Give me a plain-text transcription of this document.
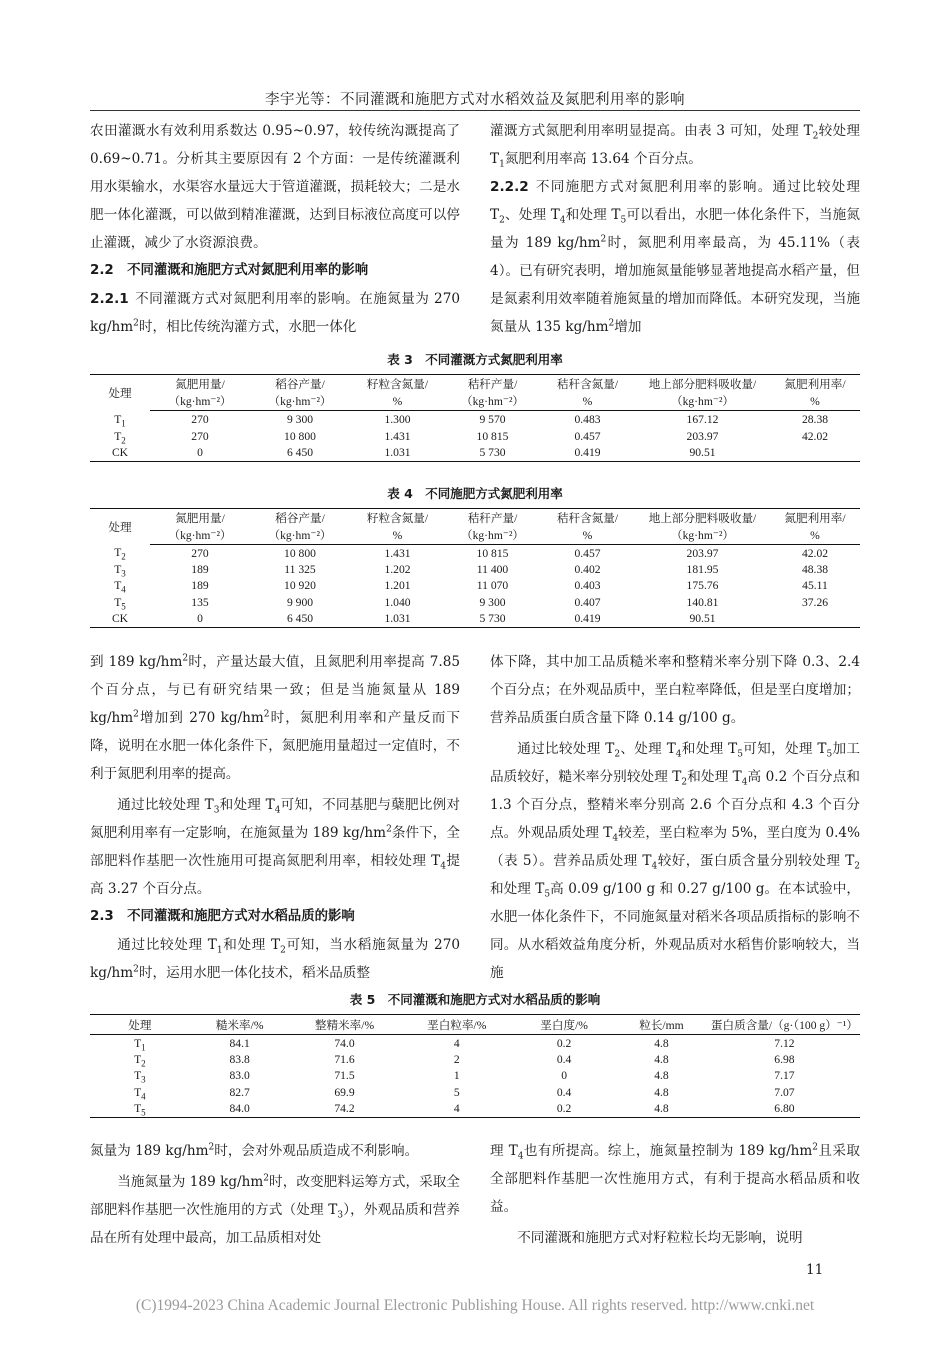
李宇光等：不同灌溉和施肥方式对水稻效益及氮肥利用率的影响

农田灌溉水有效利用系数达 0.95~0.97，较传统沟溉提高了 0.69~0.71。分析其主要原因有 2 个方面：一是传统灌溉利用水渠输水，水渠容水量远大于管道灌溉，损耗较大；二是水肥一体化灌溉，可以做到精准灌溉，达到目标液位高度可以停止灌溉，减少了水资源浪费。

2.2　不同灌溉和施肥方式对氮肥利用率的影响

2.2.1 不同灌溉方式对氮肥利用率的影响。在施氮量为 270 $kg/hm^2$时，相比传统沟灌方式，水肥一体化

灌溉方式氮肥利用率明显提高。由表 3 可知，处理 $T_2$较处理 $T_1$氮肥利用率高 13.64 个百分点。

2.2.2 不同施肥方式对氮肥利用率的影响。通过比较处理 $T_2$、处理 $T_4$和处理 $T_5$可以看出，水肥一体化条件下，当施氮量为 189 $kg/hm^2$时，氮肥利用率最高，为 45.11%（表 4）。已有研究表明，增加施氮量能够显著地提高水稻产量，但是氮素利用效率随着施氮量的增加而降低。本研究发现，当施氮量从 135 $kg/hm^2$增加

表 3　不同灌溉方式氮肥利用率
处理	氮肥用量/	稻谷产量/	籽粒含氮量/	秸秆产量/	秸秆含氮量/	地上部分肥料吸收量/	氮肥利用率/
	（kg·hm⁻²）	（kg·hm⁻²）	%	（kg·hm⁻²）	%	（kg·hm⁻²）	%
$T_1$	270	9 300	1.300	9 570	0.483	167.12	28.38
$T_2$	270	10 800	1.431	10 815	0.457	203.97	42.02
CK	0	6 450	1.031	5 730	0.419	90.51	
表 4　不同施肥方式氮肥利用率
处理	氮肥用量/	稻谷产量/	籽粒含氮量/	秸秆产量/	秸秆含氮量/	地上部分肥料吸收量/	氮肥利用率/
	（kg·hm⁻²）	（kg·hm⁻²）	%	（kg·hm⁻²）	%	（kg·hm⁻²）	%
$T_2$	270	10 800	1.431	10 815	0.457	203.97	42.02
$T_3$	189	11 325	1.202	11 400	0.402	181.95	48.38
$T_4$	189	10 920	1.201	11 070	0.403	175.76	45.11
$T_5$	135	9 900	1.040	9 300	0.407	140.81	37.26
CK	0	6 450	1.031	5 730	0.419	90.51	

到 189 $kg/hm^2$时，产量达最大值，且氮肥利用率提高 7.85 个百分点，与已有研究结果一致；但是当施氮量从 189 $kg/hm^2$增加到 270 $kg/hm^2$时，氮肥利用率和产量反而下降，说明在水肥一体化条件下，氮肥施用量超过一定值时，不利于氮肥利用率的提高。

通过比较处理 $T_3$和处理 $T_4$可知，不同基肥与蘖肥比例对氮肥利用率有一定影响，在施氮量为 189 $kg/hm^2$条件下，全部肥料作基肥一次性施用可提高氮肥利用率，相较处理 $T_4$提高 3.27 个百分点。

2.3　不同灌溉和施肥方式对水稻品质的影响

通过比较处理 $T_1$和处理 $T_2$可知，当水稻施氮量为 270 $kg/hm^2$时，运用水肥一体化技术，稻米品质整

体下降，其中加工品质糙米率和整精米率分别下降 0.3、2.4 个百分点；在外观品质中，垩白粒率降低，但是垩白度增加；营养品质蛋白质含量下降 0.14 g/100 g。

通过比较处理 $T_2$、处理 $T_4$和处理 $T_5$可知，处理 $T_5$加工品质较好，糙米率分别较处理 $T_2$和处理 $T_4$高 0.2 个百分点和 1.3 个百分点，整精米率分别高 2.6 个百分点和 4.3 个百分点。外观品质处理 $T_4$较差，垩白粒率为 5%，垩白度为 0.4%（表 5）。营养品质处理 $T_4$较好，蛋白质含量分别较处理 $T_2$和处理 $T_5$高 0.09 g/100 g 和 0.27 g/100 g。在本试验中，水肥一体化条件下，不同施氮量对稻米各项品质指标的影响不同。从水稻效益角度分析，外观品质对水稻售价影响较大，当施

表 5　不同灌溉和施肥方式对水稻品质的影响
处理	糙米率/%	整精米率/%	垩白粒率/%	垩白度/%	粒长/mm	蛋白质含量/（g·（100 g）⁻¹）
$T_1$	84.1	74.0	4	0.2	4.8	7.12
$T_2$	83.8	71.6	2	0.4	4.8	6.98
$T_3$	83.0	71.5	1	0	4.8	7.17
$T_4$	82.7	69.9	5	0.4	4.8	7.07
$T_5$	84.0	74.2	4	0.2	4.8	6.80

氮量为 189 $kg/hm^2$时，会对外观品质造成不利影响。

当施氮量为 189 $kg/hm^2$时，改变肥料运筹方式，采取全部肥料作基肥一次性施用的方式（处理 $T_3$），外观品质和营养品在所有处理中最高，加工品质相对处

理 $T_4$也有所提高。综上，施氮量控制为 189 $kg/hm^2$且采取全部肥料作基肥一次性施用方式，有利于提高水稻品质和收益。

不同灌溉和施肥方式对籽粒粒长均无影响，说明

11
(C)1994-2023 China Academic Journal Electronic Publishing House. All rights reserved. http://www.cnki.net
